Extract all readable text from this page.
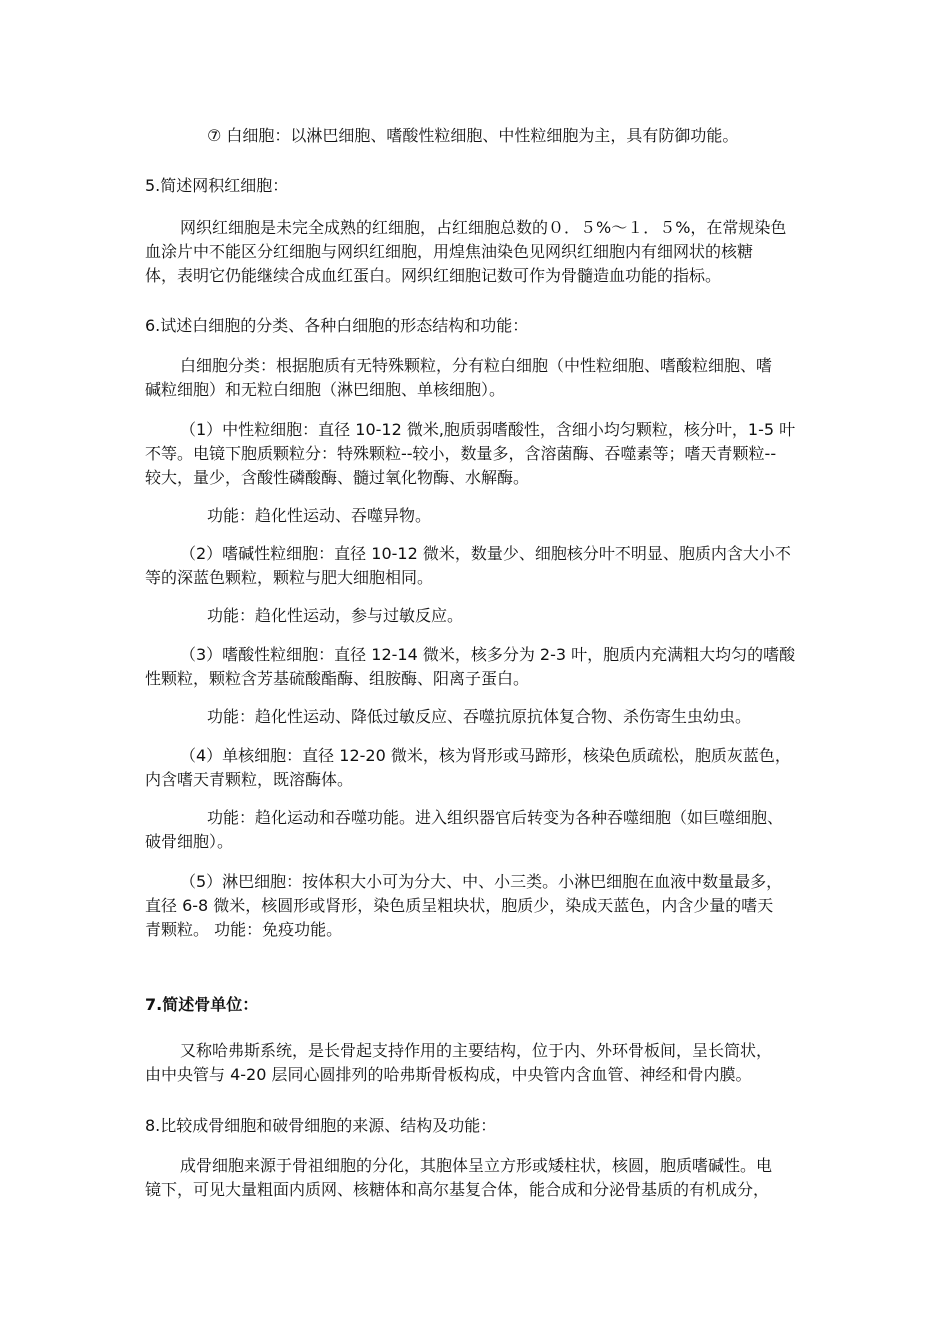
⑦ 白细胞：以淋巴细胞、嗜酸性粒细胞、中性粒细胞为主，具有防御功能。
5.简述网积红细胞：
网织红细胞是未完全成熟的红细胞，占红细胞总数的０．５%～１．５%，在常规染色
血涂片中不能区分红细胞与网织红细胞，用煌焦油染色见网织红细胞内有细网状的核糖
体，表明它仍能继续合成血红蛋白。网织红细胞记数可作为骨髓造血功能的指标。
6.试述白细胞的分类、各种白细胞的形态结构和功能：
白细胞分类：根据胞质有无特殊颗粒，分有粒白细胞（中性粒细胞、嗜酸粒细胞、嗜
碱粒细胞）和无粒白细胞（淋巴细胞、单核细胞）。
（1）中性粒细胞：直径 10-12 微米,胞质弱嗜酸性，含细小均匀颗粒，核分叶，1-5 叶
不等。电镜下胞质颗粒分：特殊颗粒--较小，数量多，含溶菌酶、吞噬素等；嗜天青颗粒--
较大，量少，含酸性磷酸酶、髓过氧化物酶、水解酶。
功能：趋化性运动、吞噬异物。
（2）嗜碱性粒细胞：直径 10-12 微米，数量少、细胞核分叶不明显、胞质内含大小不
等的深蓝色颗粒，颗粒与肥大细胞相同。
功能：趋化性运动，参与过敏反应。
（3）嗜酸性粒细胞：直径 12-14 微米，核多分为 2-3 叶，胞质内充满粗大均匀的嗜酸
性颗粒，颗粒含芳基硫酸酯酶、组胺酶、阳离子蛋白。
功能：趋化性运动、降低过敏反应、吞噬抗原抗体复合物、杀伤寄生虫幼虫。
（4）单核细胞：直径 12-20 微米，核为肾形或马蹄形，核染色质疏松，胞质灰蓝色，
内含嗜天青颗粒，既溶酶体。
功能：趋化运动和吞噬功能。进入组织器官后转变为各种吞噬细胞（如巨噬细胞、
破骨细胞）。
（5）淋巴细胞：按体积大小可为分大、中、小三类。小淋巴细胞在血液中数量最多，
直径 6-8 微米，核圆形或肾形，染色质呈粗块状，胞质少，染成天蓝色，内含少量的嗜天
青颗粒。 功能：免疫功能。
7.简述骨单位：
又称哈弗斯系统，是长骨起支持作用的主要结构，位于内、外环骨板间，呈长筒状，
由中央管与 4-20 层同心圆排列的哈弗斯骨板构成，中央管内含血管、神经和骨内膜。
8.比较成骨细胞和破骨细胞的来源、结构及功能：
成骨细胞来源于骨祖细胞的分化，其胞体呈立方形或矮柱状，核圆，胞质嗜碱性。电
镜下，可见大量粗面内质网、核糖体和高尔基复合体，能合成和分泌骨基质的有机成分，
